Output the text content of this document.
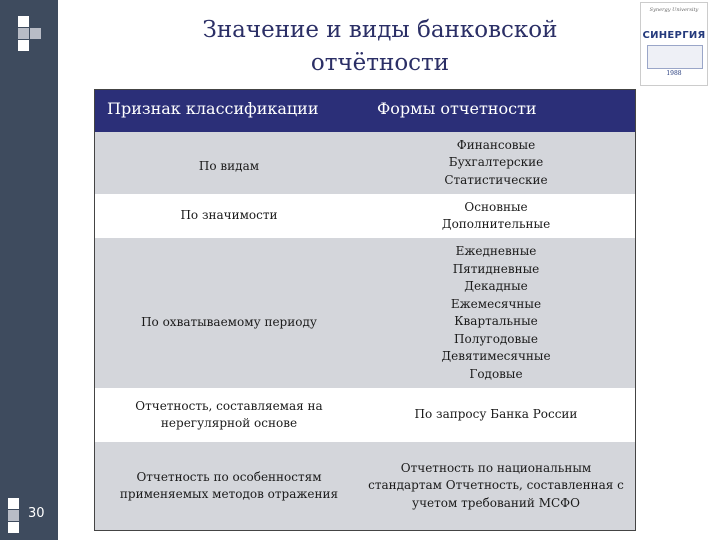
30
Значение и виды банковской
отчётности
Synergy University
СИНЕРГИЯ
1988
Признак классификации	Формы отчетности
По видам
Финансовые
Бухгалтерские
Статистические
По значимости
Основные
Дополнительные
По охватываемому периоду
Ежедневные
Пятидневные
Декадные
Ежемесячные
Квартальные
Полугодовые
Девятимесячные
Годовые
Отчетность, составляемая на
нерегулярной основе
По запросу Банка России
Отчетность по особенностям
применяемых методов отражения
Отчетность по национальным
стандартам Отчетность, составленная с
учетом требований МСФО
